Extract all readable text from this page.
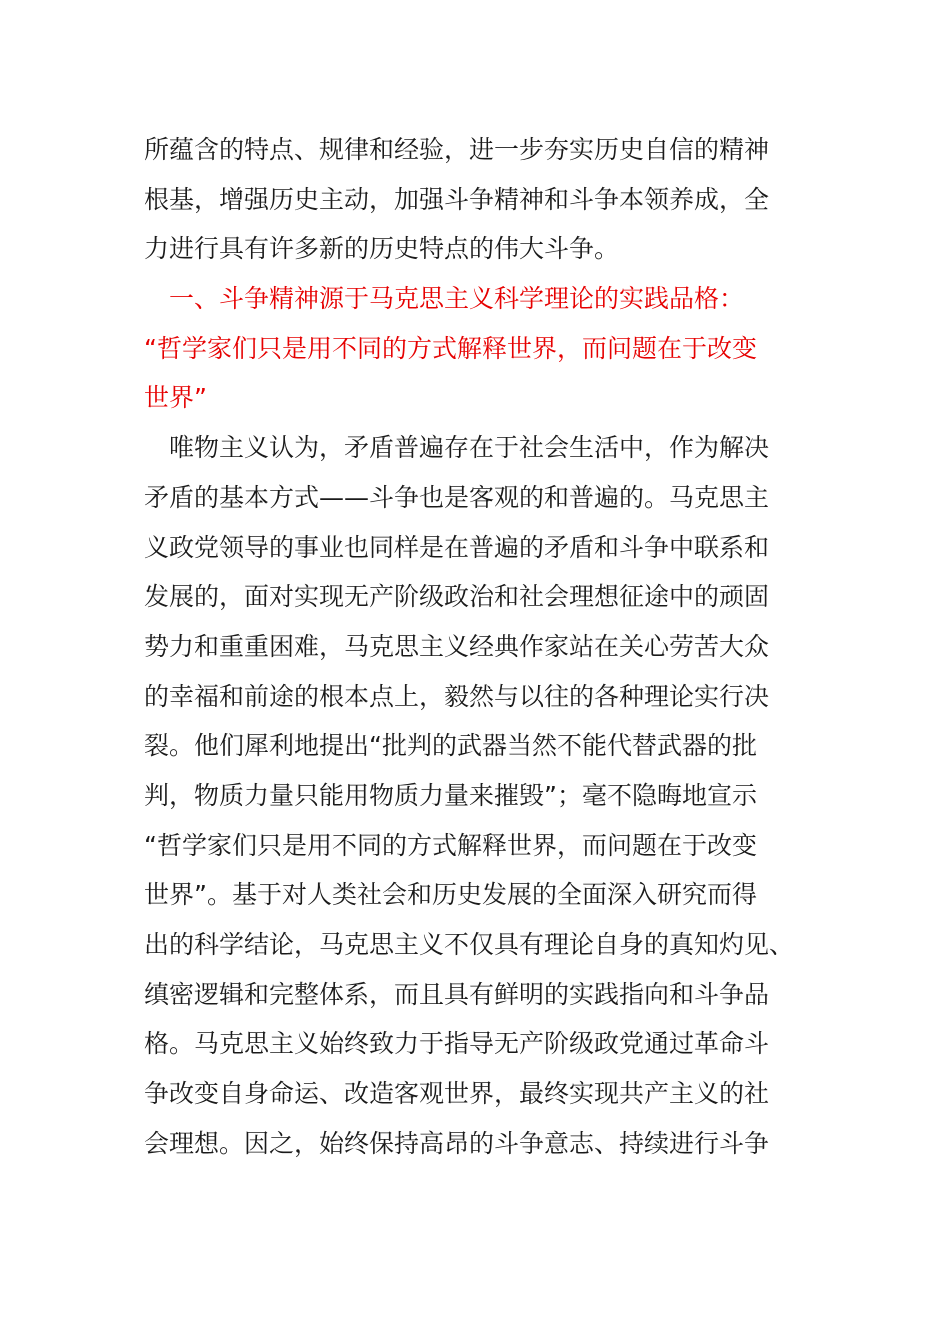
所蕴含的特点、规律和经验，进一步夯实历史自信的精神
根基，增强历史主动，加强斗争精神和斗争本领养成，全
力进行具有许多新的历史特点的伟大斗争。

一、斗争精神源于马克思主义科学理论的实践品格：
“哲学家们只是用不同的方式解释世界，而问题在于改变
世界”

唯物主义认为，矛盾普遍存在于社会生活中，作为解决
矛盾的基本方式——斗争也是客观的和普遍的。马克思主
义政党领导的事业也同样是在普遍的矛盾和斗争中联系和
发展的，面对实现无产阶级政治和社会理想征途中的顽固
势力和重重困难，马克思主义经典作家站在关心劳苦大众
的幸福和前途的根本点上，毅然与以往的各种理论实行决
裂。他们犀利地提出“批判的武器当然不能代替武器的批
判，物质力量只能用物质力量来摧毁”；毫不隐晦地宣示
“哲学家们只是用不同的方式解释世界，而问题在于改变
世界”。基于对人类社会和历史发展的全面深入研究而得
出的科学结论，马克思主义不仅具有理论自身的真知灼见、
缜密逻辑和完整体系，而且具有鲜明的实践指向和斗争品
格。马克思主义始终致力于指导无产阶级政党通过革命斗
争改变自身命运、改造客观世界，最终实现共产主义的社
会理想。因之，始终保持高昂的斗争意志、持续进行斗争
